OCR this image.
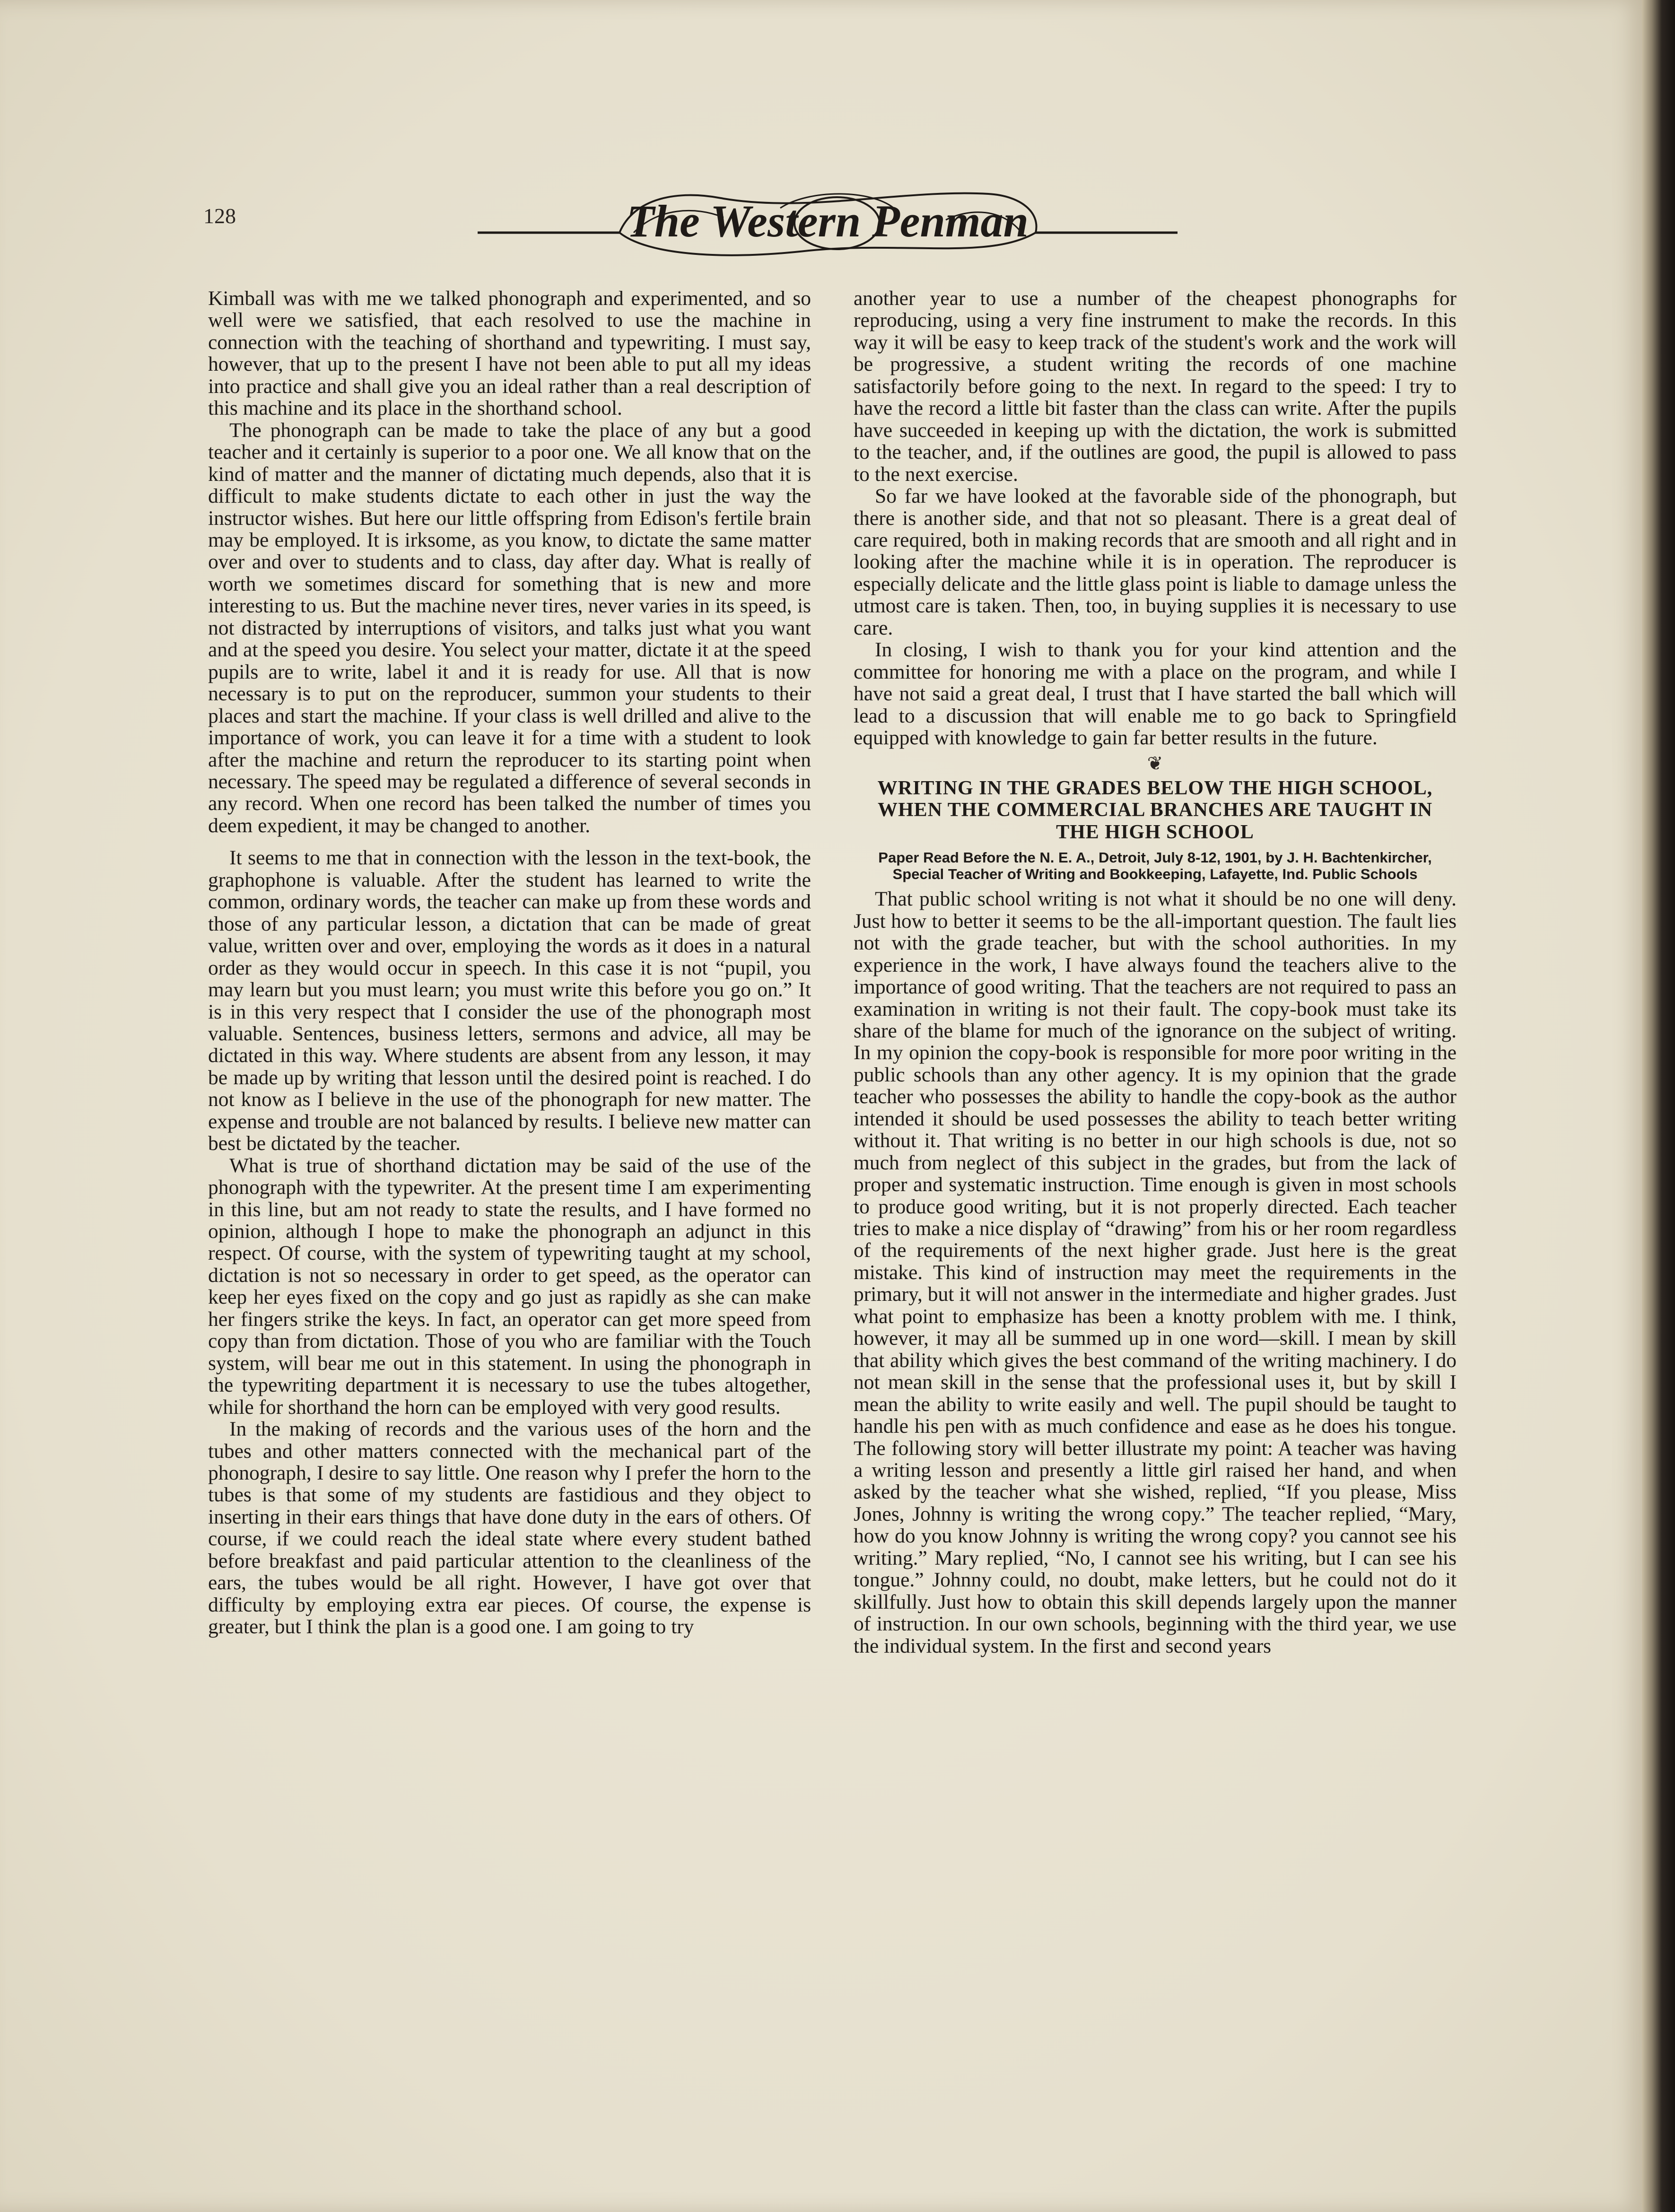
128	The Western Penman

Kimball was with me we talked phonograph and experimented, and so well were we satisfied, that each resolved to use the machine in connection with the teaching of shorthand and typewriting. I must say, however, that up to the present I have not been able to put all my ideas into practice and shall give you an ideal rather than a real description of this machine and its place in the shorthand school.

The phonograph can be made to take the place of any but a good teacher and it certainly is superior to a poor one. We all know that on the kind of matter and the manner of dictating much depends, also that it is difficult to make students dictate to each other in just the way the instructor wishes. But here our little offspring from Edison's fertile brain may be employed. It is irksome, as you know, to dictate the same matter over and over to students and to class, day after day. What is really of worth we sometimes discard for something that is new and more interesting to us. But the machine never tires, never varies in its speed, is not distracted by interruptions of visitors, and talks just what you want and at the speed you desire. You select your matter, dictate it at the speed pupils are to write, label it and it is ready for use. All that is now necessary is to put on the reproducer, summon your students to their places and start the machine. If your class is well drilled and alive to the importance of work, you can leave it for a time with a student to look after the machine and return the reproducer to its starting point when necessary. The speed may be regulated a difference of several seconds in any record. When one record has been talked the number of times you deem expedient, it may be changed to another.

It seems to me that in connection with the lesson in the text-book, the graphophone is valuable. After the student has learned to write the common, ordinary words, the teacher can make up from these words and those of any particular lesson, a dictation that can be made of great value, written over and over, employing the words as it does in a natural order as they would occur in speech. In this case it is not “pupil, you may learn but you must learn; you must write this before you go on.” It is in this very respect that I consider the use of the phonograph most valuable. Sentences, business letters, sermons and advice, all may be dictated in this way. Where students are absent from any lesson, it may be made up by writing that lesson until the desired point is reached. I do not know as I believe in the use of the phonograph for new matter. The expense and trouble are not balanced by results. I believe new matter can best be dictated by the teacher.

What is true of shorthand dictation may be said of the use of the phonograph with the typewriter. At the present time I am experimenting in this line, but am not ready to state the results, and I have formed no opinion, although I hope to make the phonograph an adjunct in this respect. Of course, with the system of typewriting taught at my school, dictation is not so necessary in order to get speed, as the operator can keep her eyes fixed on the copy and go just as rapidly as she can make her fingers strike the keys. In fact, an operator can get more speed from copy than from dictation. Those of you who are familiar with the Touch system, will bear me out in this statement. In using the phonograph in the typewriting department it is necessary to use the tubes altogether, while for shorthand the horn can be employed with very good results.

In the making of records and the various uses of the horn and the tubes and other matters connected with the mechanical part of the phonograph, I desire to say little. One reason why I prefer the horn to the tubes is that some of my students are fastidious and they object to inserting in their ears things that have done duty in the ears of others. Of course, if we could reach the ideal state where every student bathed before breakfast and paid particular attention to the cleanliness of the ears, the tubes would be all right. However, I have got over that difficulty by employing extra ear pieces. Of course, the expense is greater, but I think the plan is a good one. I am going to try

another year to use a number of the cheapest phonographs for reproducing, using a very fine instrument to make the records. In this way it will be easy to keep track of the student's work and the work will be progressive, a student writing the records of one machine satisfactorily before going to the next. In regard to the speed: I try to have the record a little bit faster than the class can write. After the pupils have succeeded in keeping up with the dictation, the work is submitted to the teacher, and, if the outlines are good, the pupil is allowed to pass to the next exercise.

So far we have looked at the favorable side of the phonograph, but there is another side, and that not so pleasant. There is a great deal of care required, both in making records that are smooth and all right and in looking after the machine while it is in operation. The reproducer is especially delicate and the little glass point is liable to damage unless the utmost care is taken. Then, too, in buying supplies it is necessary to use care.

In closing, I wish to thank you for your kind attention and the committee for honoring me with a place on the program, and while I have not said a great deal, I trust that I have started the ball which will lead to a discussion that will enable me to go back to Springfield equipped with knowledge to gain far better results in the future.

❦
WRITING IN THE GRADES BELOW THE HIGH SCHOOL, WHEN THE COMMERCIAL BRANCHES ARE TAUGHT IN THE HIGH SCHOOL
Paper Read Before the N. E. A., Detroit, July 8-12, 1901, by J. H. Bachtenkircher, Special Teacher of Writing and Bookkeeping, Lafayette, Ind. Public Schools

That public school writing is not what it should be no one will deny. Just how to better it seems to be the all-important question. The fault lies not with the grade teacher, but with the school authorities. In my experience in the work, I have always found the teachers alive to the importance of good writing. That the teachers are not required to pass an examination in writing is not their fault. The copy-book must take its share of the blame for much of the ignorance on the subject of writing. In my opinion the copy-book is responsible for more poor writing in the public schools than any other agency. It is my opinion that the grade teacher who possesses the ability to handle the copy-book as the author intended it should be used possesses the ability to teach better writing without it. That writing is no better in our high schools is due, not so much from neglect of this subject in the grades, but from the lack of proper and systematic instruction. Time enough is given in most schools to produce good writing, but it is not properly directed. Each teacher tries to make a nice display of “drawing” from his or her room regardless of the requirements of the next higher grade. Just here is the great mistake. This kind of instruction may meet the requirements in the primary, but it will not answer in the intermediate and higher grades. Just what point to emphasize has been a knotty problem with me. I think, however, it may all be summed up in one word—skill. I mean by skill that ability which gives the best command of the writing machinery. I do not mean skill in the sense that the professional uses it, but by skill I mean the ability to write easily and well. The pupil should be taught to handle his pen with as much confidence and ease as he does his tongue. The following story will better illustrate my point: A teacher was having a writing lesson and presently a little girl raised her hand, and when asked by the teacher what she wished, replied, “If you please, Miss Jones, Johnny is writing the wrong copy.” The teacher replied, “Mary, how do you know Johnny is writing the wrong copy? you cannot see his writing.” Mary replied, “No, I cannot see his writing, but I can see his tongue.” Johnny could, no doubt, make letters, but he could not do it skillfully. Just how to obtain this skill depends largely upon the manner of instruction. In our own schools, beginning with the third year, we use the individual system. In the first and second years
